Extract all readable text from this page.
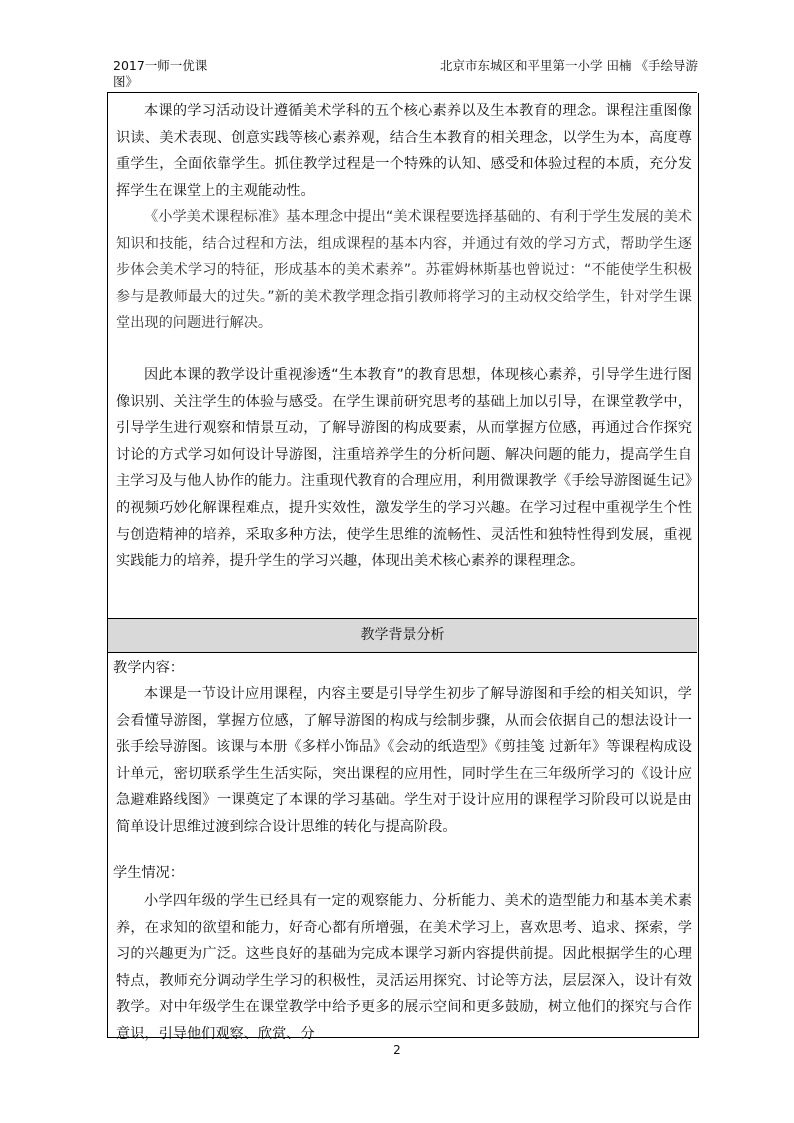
2017一师一优课图》
北京市东城区和平里第一小学 田楠 《手绘导游
本课的学习活动设计遵循美术学科的五个核心素养以及生本教育的理念。课程注重图像识读、美术表现、创意实践等核心素养观，结合生本教育的相关理念，以学生为本，高度尊重学生，全面依靠学生。抓住教学过程是一个特殊的认知、感受和体验过程的本质，充分发挥学生在课堂上的主观能动性。
《小学美术课程标准》基本理念中提出“美术课程要选择基础的、有利于学生发展的美术知识和技能，结合过程和方法，组成课程的基本内容，并通过有效的学习方式，帮助学生逐步体会美术学习的特征，形成基本的美术素养”。苏霍姆林斯基也曾说过：“不能使学生积极参与是教师最大的过失。”新的美术教学理念指引教师将学习的主动权交给学生，针对学生课堂出现的问题进行解决。
因此本课的教学设计重视渗透“生本教育”的教育思想，体现核心素养，引导学生进行图像识别、关注学生的体验与感受。在学生课前研究思考的基础上加以引导，在课堂教学中，引导学生进行观察和情景互动，了解导游图的构成要素，从而掌握方位感，再通过合作探究讨论的方式学习如何设计导游图，注重培养学生的分析问题、解决问题的能力，提高学生自主学习及与他人协作的能力。注重现代教育的合理应用，利用微课教学《手绘导游图诞生记》的视频巧妙化解课程难点，提升实效性，激发学生的学习兴趣。在学习过程中重视学生个性与创造精神的培养，采取多种方法，使学生思维的流畅性、灵活性和独特性得到发展，重视实践能力的培养，提升学生的学习兴趣，体现出美术核心素养的课程理念。
教学背景分析
教学内容：
本课是一节设计应用课程，内容主要是引导学生初步了解导游图和手绘的相关知识，学会看懂导游图，掌握方位感，了解导游图的构成与绘制步骤，从而会依据自己的想法设计一张手绘导游图。该课与本册《多样小饰品》《会动的纸造型》《剪挂笺 过新年》等课程构成设计单元，密切联系学生生活实际，突出课程的应用性，同时学生在三年级所学习的《设计应急避难路线图》一课奠定了本课的学习基础。学生对于设计应用的课程学习阶段可以说是由简单设计思维过渡到综合设计思维的转化与提高阶段。
学生情况：
小学四年级的学生已经具有一定的观察能力、分析能力、美术的造型能力和基本美术素养，在求知的欲望和能力，好奇心都有所增强，在美术学习上，喜欢思考、追求、探索，学习的兴趣更为广泛。这些良好的基础为完成本课学习新内容提供前提。因此根据学生的心理特点，教师充分调动学生学习的积极性，灵活运用探究、讨论等方法，层层深入，设计有效教学。对中年级学生在课堂教学中给予更多的展示空间和更多鼓励，树立他们的探究与合作意识，引导他们观察、欣赏、分
2
